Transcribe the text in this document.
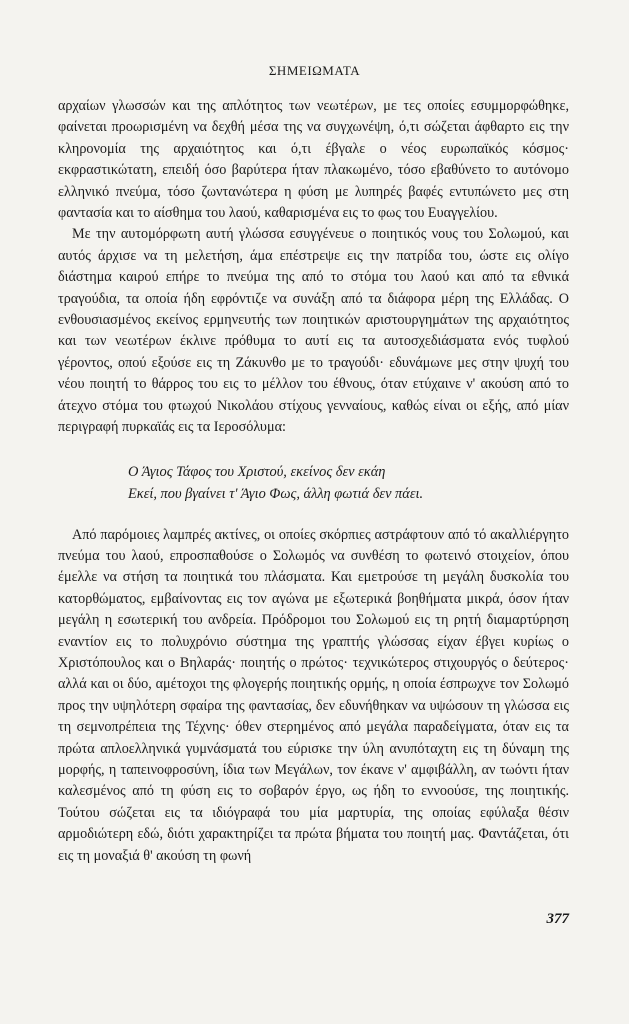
ΣΗΜΕΙΩΜΑΤΑ

αρχαίων γλωσσών και της απλότητος των νεωτέρων, με τες οποίες εσυμμορφώθηκε, φαίνεται προωρισμένη να δεχθή μέσα της να συγχωνέψη, ό,τι σώζεται άφθαρτο εις την κληρονομία της αρχαιότητος και ό,τι έβγαλε ο νέος ευρωπαϊκός κόσμος· εκφραστικώτατη, επειδή όσο βαρύτερα ήταν πλακωμένο, τόσο εβαθύνετο το αυτόνομο ελληνικό πνεύμα, τόσο ζωντανώτερα η φύση με λυπηρές βαφές εντυπώνετο μες στη φαντασία και το αίσθημα του λαού, καθαρισμένα εις το φως του Ευαγγελίου.

Με την αυτομόρφωτη αυτή γλώσσα εσυγγένευε ο ποιητικός νους του Σολωμού, και αυτός άρχισε να τη μελετήση, άμα επέστρεψε εις την πατρίδα του, ώστε εις ολίγο διάστημα καιρού επήρε το πνεύμα της από το στόμα του λαού και από τα εθνικά τραγούδια, τα οποία ήδη εφρόντιζε να συνάξη από τα διάφορα μέρη της Ελλάδας. Ο ενθουσιασμένος εκείνος ερμηνευτής των ποιητικών αριστουργημάτων της αρχαιότητος και των νεωτέρων έκλινε πρόθυμα το αυτί εις τα αυτοσχεδιάσματα ενός τυφλού γέροντος, οπού εξούσε εις τη Ζάκυνθο με το τραγούδι· εδυνάμωνε μες στην ψυχή του νέου ποιητή το θάρρος του εις το μέλλον του έθνους, όταν ετύχαινε ν' ακούση από το άτεχνο στόμα του φτωχού Νικολάου στίχους γενναίους, καθώς είναι οι εξής, από μίαν περιγραφή πυρκαϊάς εις τα Ιεροσόλυμα:

Ο Άγιος Τάφος του Χριστού, εκείνος δεν εκάη
Εκεί, που βγαίνει τ' Άγιο Φως, άλλη φωτιά δεν πάει.

Από παρόμοιες λαμπρές ακτίνες, οι οποίες σκόρπιες αστράφτουν από τό ακαλλιέργητο πνεύμα του λαού, επροσπαθούσε ο Σολωμός να συνθέση το φωτεινό στοιχείον, όπου έμελλε να στήση τα ποιητικά του πλάσματα. Και εμετρούσε τη μεγάλη δυσκολία του κατορθώματος, εμβαίνοντας εις τον αγώνα με εξωτερικά βοηθήματα μικρά, όσον ήταν μεγάλη η εσωτερική του ανδρεία. Πρόδρομοι του Σολωμού εις τη ρητή διαμαρτύρηση εναντίον εις το πολυχρόνιο σύστημα της γραπτής γλώσσας είχαν έβγει κυρίως ο Χριστόπουλος και ο Βηλαράς· ποιητής ο πρώτος· τεχνικώτερος στιχουργός ο δεύτερος· αλλά και οι δύο, αμέτοχοι της φλογερής ποιητικής ορμής, η οποία έσπρωχνε τον Σολωμό προς την υψηλότερη σφαίρα της φαντασίας, δεν εδυνήθηκαν να υψώσουν τη γλώσσα εις τη σεμνοπρέπεια της Τέχνης· όθεν στερημένος από μεγάλα παραδείγματα, όταν εις τα πρώτα απλοελληνικά γυμνάσματά του εύρισκε την ύλη ανυπόταχτη εις τη δύναμη της μορφής, η ταπεινοφροσύνη, ίδια των Μεγάλων, τον έκανε ν' αμφιβάλλη, αν τωόντι ήταν καλεσμένος από τη φύση εις το σοβαρόν έργο, ως ήδη το εννοούσε, της ποιητικής. Τούτου σώζεται εις τα ιδιόγραφά του μία μαρτυρία, της οποίας εφύλαξα θέσιν αρμοδιώτερη εδώ, διότι χαρακτηρίζει τα πρώτα βήματα του ποιητή μας. Φαντάζεται, ότι εις τη μοναξιά θ' ακούση τη φωνή

377
